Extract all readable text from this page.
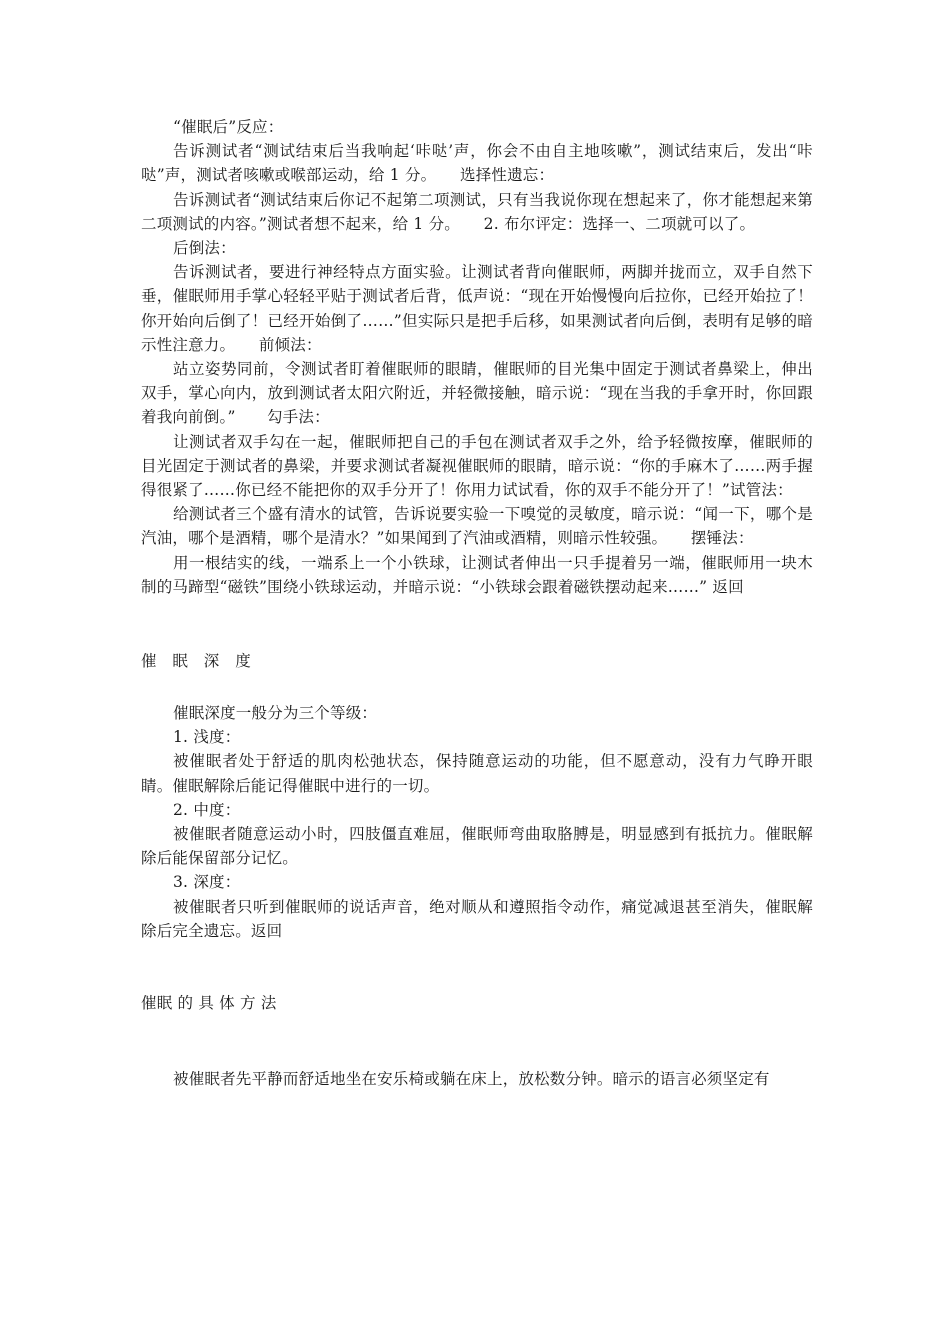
“催眠后”反应：

告诉测试者“测试结束后当我响起‘咔哒’声，你会不由自主地咳嗽”，测试结束后，发出“咔哒”声，测试者咳嗽或喉部运动，给 1 分。　　选择性遗忘：

告诉测试者“测试结束后你记不起第二项测试，只有当我说你现在想起来了，你才能想起来第二项测试的内容。”测试者想不起来，给 1 分。　　2. 布尔评定：选择一、二项就可以了。

后倒法：

告诉测试者，要进行神经特点方面实验。让测试者背向催眠师，两脚并拢而立，双手自然下垂，催眠师用手掌心轻轻平贴于测试者后背，低声说：“现在开始慢慢向后拉你，已经开始拉了！你开始向后倒了！已经开始倒了……”但实际只是把手后移，如果测试者向后倒，表明有足够的暗示性注意力。　　前倾法：

站立姿势同前，令测试者盯着催眠师的眼睛，催眠师的目光集中固定于测试者鼻梁上，伸出双手，掌心向内，放到测试者太阳穴附近，并轻微接触，暗示说：“现在当我的手拿开时，你回跟着我向前倒。”　　勾手法：

让测试者双手勾在一起，催眠师把自己的手包在测试者双手之外，给予轻微按摩，催眠师的目光固定于测试者的鼻梁，并要求测试者凝视催眠师的眼睛，暗示说：“你的手麻木了……两手握得很紧了……你已经不能把你的双手分开了！你用力试试看，你的双手不能分开了！”试管法：

给测试者三个盛有清水的试管，告诉说要实验一下嗅觉的灵敏度，暗示说：“闻一下，哪个是汽油，哪个是酒精，哪个是清水？”如果闻到了汽油或酒精，则暗示性较强。　　摆锤法：

用一根结实的线，一端系上一个小铁球，让测试者伸出一只手提着另一端，催眠师用一块木制的马蹄型“磁铁”围绕小铁球运动，并暗示说：“小铁球会跟着磁铁摆动起来……” 返回

催　眠　深　度

催眠深度一般分为三个等级：

1. 浅度：

被催眠者处于舒适的肌肉松弛状态，保持随意运动的功能，但不愿意动，没有力气睁开眼睛。催眠解除后能记得催眠中进行的一切。

2. 中度：

被催眠者随意运动小时，四肢僵直难屈，催眠师弯曲取胳膊是，明显感到有抵抗力。催眠解除后能保留部分记忆。

3. 深度：

被催眠者只听到催眠师的说话声音，绝对顺从和遵照指令动作，痛觉减退甚至消失，催眠解除后完全遗忘。返回

催眠 的 具 体 方 法

被催眠者先平静而舒适地坐在安乐椅或躺在床上，放松数分钟。暗示的语言必须坚定有
